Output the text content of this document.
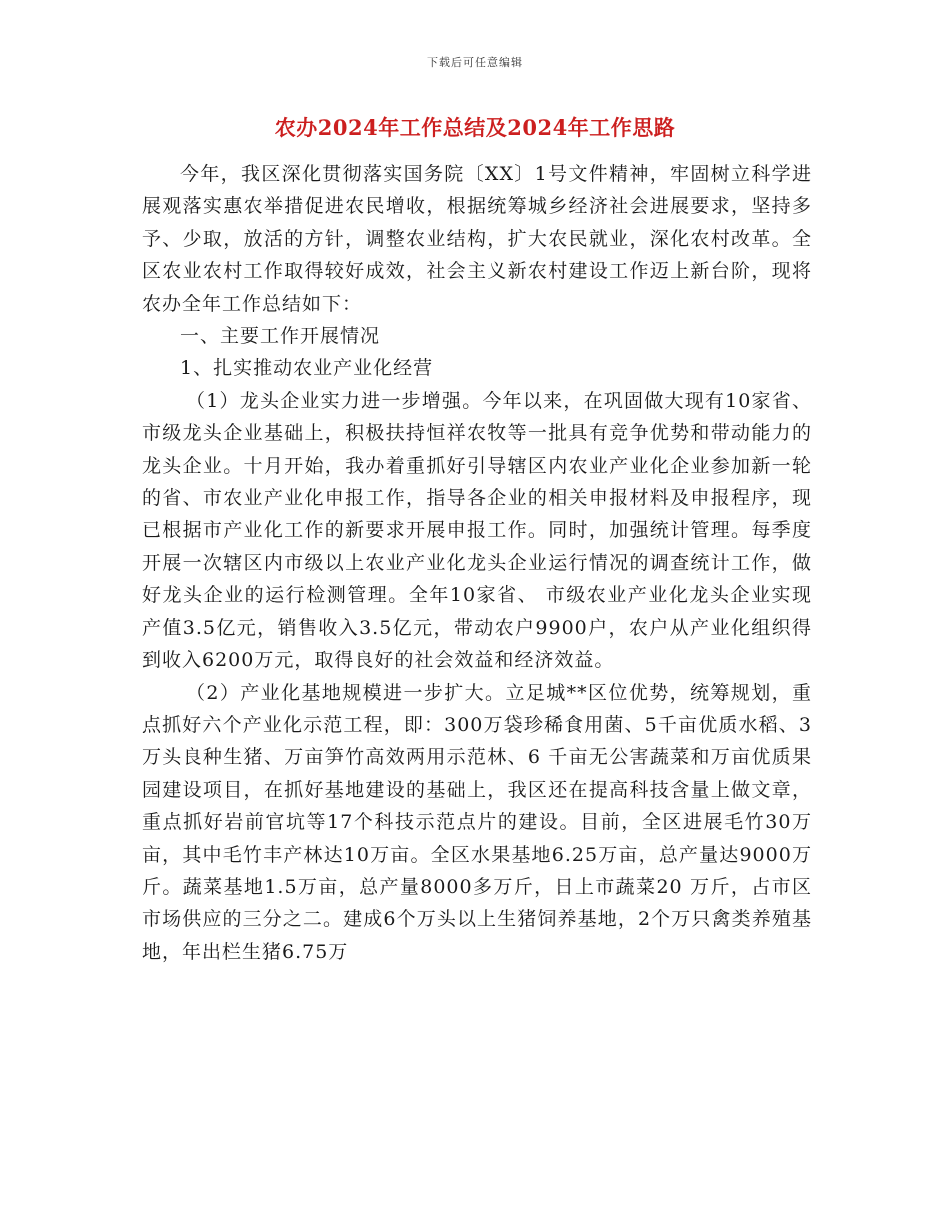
下载后可任意编辑
农办2024年工作总结及2024年工作思路

今年，我区深化贯彻落实国务院〔XX〕1号文件精神，牢固树立科学进展观落实惠农举措促进农民增收，根据统筹城乡经济社会进展要求，坚持多予、少取，放活的方针，调整农业结构，扩大农民就业，深化农村改革。全区农业农村工作取得较好成效，社会主义新农村建设工作迈上新台阶，现将农办全年工作总结如下：

一、主要工作开展情况

1、扎实推动农业产业化经营

（1）龙头企业实力进一步增强。今年以来，在巩固做大现有10家省、市级龙头企业基础上，积极扶持恒祥农牧等一批具有竞争优势和带动能力的龙头企业。十月开始，我办着重抓好引导辖区内农业产业化企业参加新一轮的省、市农业产业化申报工作，指导各企业的相关申报材料及申报程序，现已根据市产业化工作的新要求开展申报工作。同时，加强统计管理。每季度开展一次辖区内市级以上农业产业化龙头企业运行情况的调查统计工作，做好龙头企业的运行检测管理。全年10家省、 市级农业产业化龙头企业实现产值3.5亿元，销售收入3.5亿元，带动农户9900户，农户从产业化组织得到收入6200万元，取得良好的社会效益和经济效益。

（2）产业化基地规模进一步扩大。立足城**区位优势，统筹规划，重点抓好六个产业化示范工程，即：300万袋珍稀食用菌、5千亩优质水稻、3 万头良种生猪、万亩笋竹高效两用示范林、6 千亩无公害蔬菜和万亩优质果园建设项目，在抓好基地建设的基础上，我区还在提高科技含量上做文章，重点抓好岩前官坑等17个科技示范点片的建设。目前，全区进展毛竹30万亩，其中毛竹丰产林达10万亩。全区水果基地6.25万亩，总产量达9000万斤。蔬菜基地1.5万亩，总产量8000多万斤，日上市蔬菜20 万斤，占市区市场供应的三分之二。建成6个万头以上生猪饲养基地，2个万只禽类养殖基地，年出栏生猪6.75万
